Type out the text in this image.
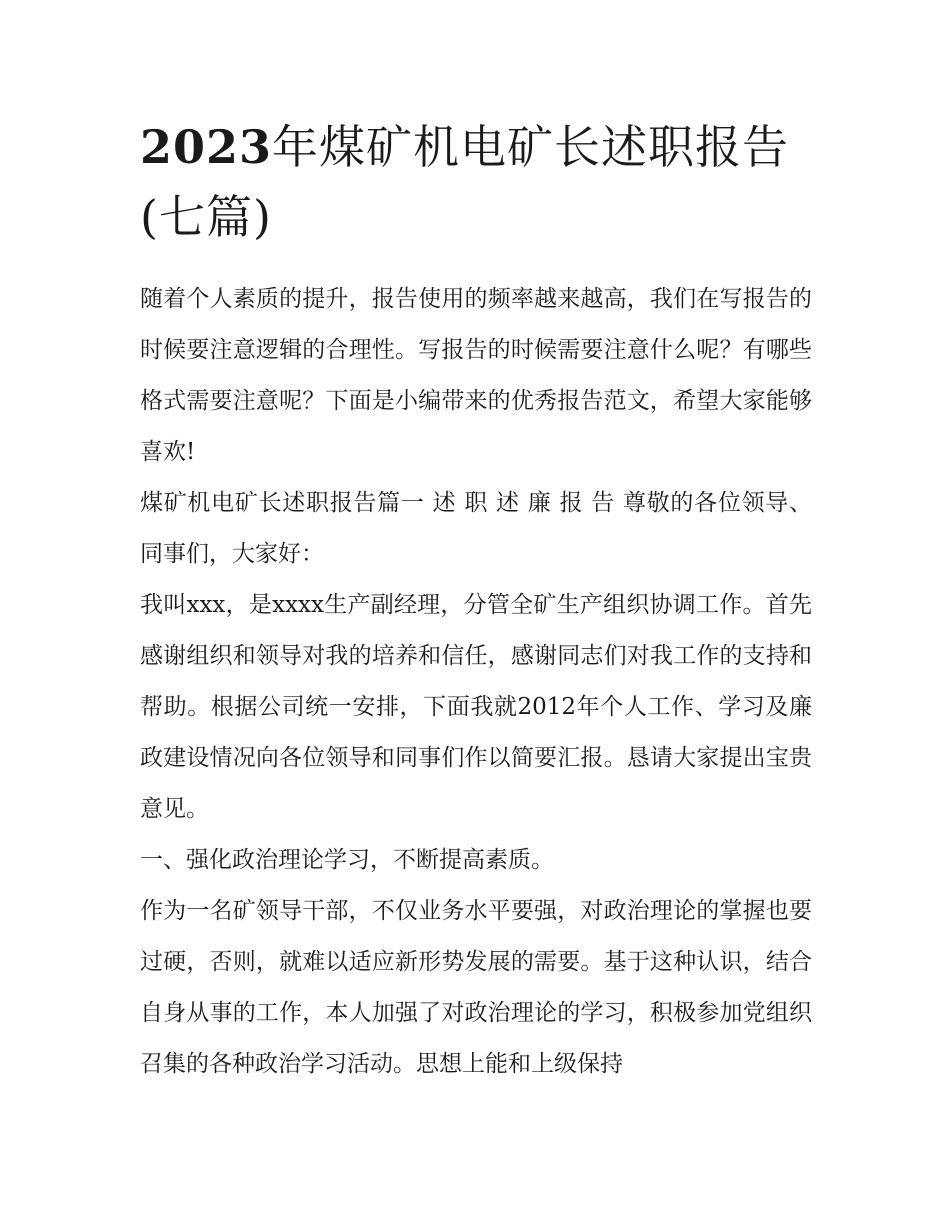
2023年煤矿机电矿长述职报告(七篇)

随着个人素质的提升，报告使用的频率越来越高，我们在写报告的时候要注意逻辑的合理性。写报告的时候需要注意什么呢？有哪些格式需要注意呢？下面是小编带来的优秀报告范文，希望大家能够喜欢!

煤矿机电矿长述职报告篇一 述 职 述 廉 报 告 尊敬的各位领导、同事们，大家好：

我叫xxx，是xxxx生产副经理，分管全矿生产组织协调工作。首先感谢组织和领导对我的培养和信任，感谢同志们对我工作的支持和帮助。根据公司统一安排，下面我就2012年个人工作、学习及廉政建设情况向各位领导和同事们作以简要汇报。恳请大家提出宝贵意见。

一、强化政治理论学习，不断提高素质。

作为一名矿领导干部，不仅业务水平要强，对政治理论的掌握也要过硬，否则，就难以适应新形势发展的需要。基于这种认识，结合自身从事的工作，本人加强了对政治理论的学习，积极参加党组织召集的各种政治学习活动。思想上能和上级保持
